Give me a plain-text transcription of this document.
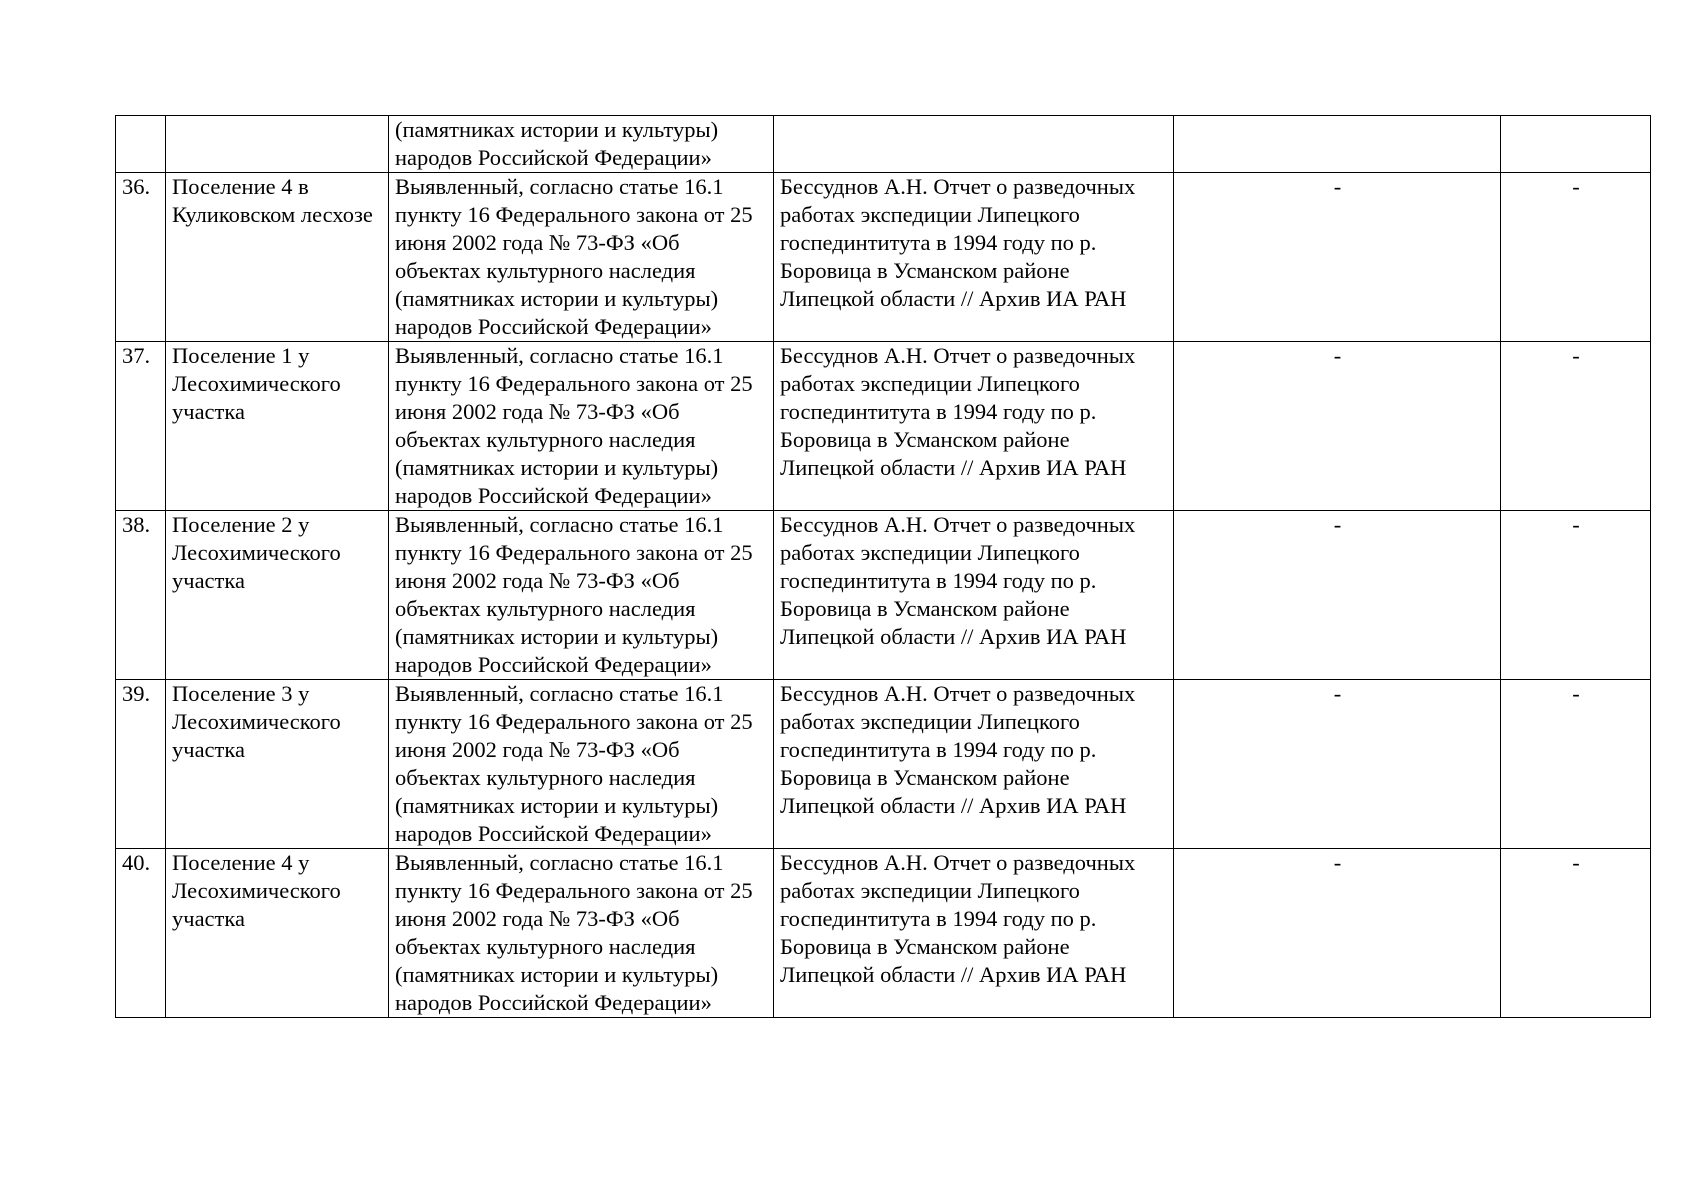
		(памятниках истории и культуры) народов Российской Федерации»			
36.	Поселение 4 в Куликовском лесхозе	Выявленный, согласно статье 16.1 пункту 16 Федерального закона от 25 июня 2002 года № 73-ФЗ «Об объектах культурного наследия (памятниках истории и культуры) народов Российской Федерации»	Бессуднов А.Н. Отчет о разведочных работах экспедиции Липецкого госпединтитута в 1994 году по р. Боровица в Усманском районе Липецкой области // Архив ИА РАН	-	-
37.	Поселение 1 у Лесохимического участка	Выявленный, согласно статье 16.1 пункту 16 Федерального закона от 25 июня 2002 года № 73-ФЗ «Об объектах культурного наследия (памятниках истории и культуры) народов Российской Федерации»	Бессуднов А.Н. Отчет о разведочных работах экспедиции Липецкого госпединтитута в 1994 году по р. Боровица в Усманском районе Липецкой области // Архив ИА РАН	-	-
38.	Поселение 2 у Лесохимического участка	Выявленный, согласно статье 16.1 пункту 16 Федерального закона от 25 июня 2002 года № 73-ФЗ «Об объектах культурного наследия (памятниках истории и культуры) народов Российской Федерации»	Бессуднов А.Н. Отчет о разведочных работах экспедиции Липецкого госпединтитута в 1994 году по р. Боровица в Усманском районе Липецкой области // Архив ИА РАН	-	-
39.	Поселение 3 у Лесохимического участка	Выявленный, согласно статье 16.1 пункту 16 Федерального закона от 25 июня 2002 года № 73-ФЗ «Об объектах культурного наследия (памятниках истории и культуры) народов Российской Федерации»	Бессуднов А.Н. Отчет о разведочных работах экспедиции Липецкого госпединтитута в 1994 году по р. Боровица в Усманском районе Липецкой области // Архив ИА РАН	-	-
40.	Поселение 4 у Лесохимического участка	Выявленный, согласно статье 16.1 пункту 16 Федерального закона от 25 июня 2002 года № 73-ФЗ «Об объектах культурного наследия (памятниках истории и культуры) народов Российской Федерации»	Бессуднов А.Н. Отчет о разведочных работах экспедиции Липецкого госпединтитута в 1994 году по р. Боровица в Усманском районе Липецкой области // Архив ИА РАН	-	-
